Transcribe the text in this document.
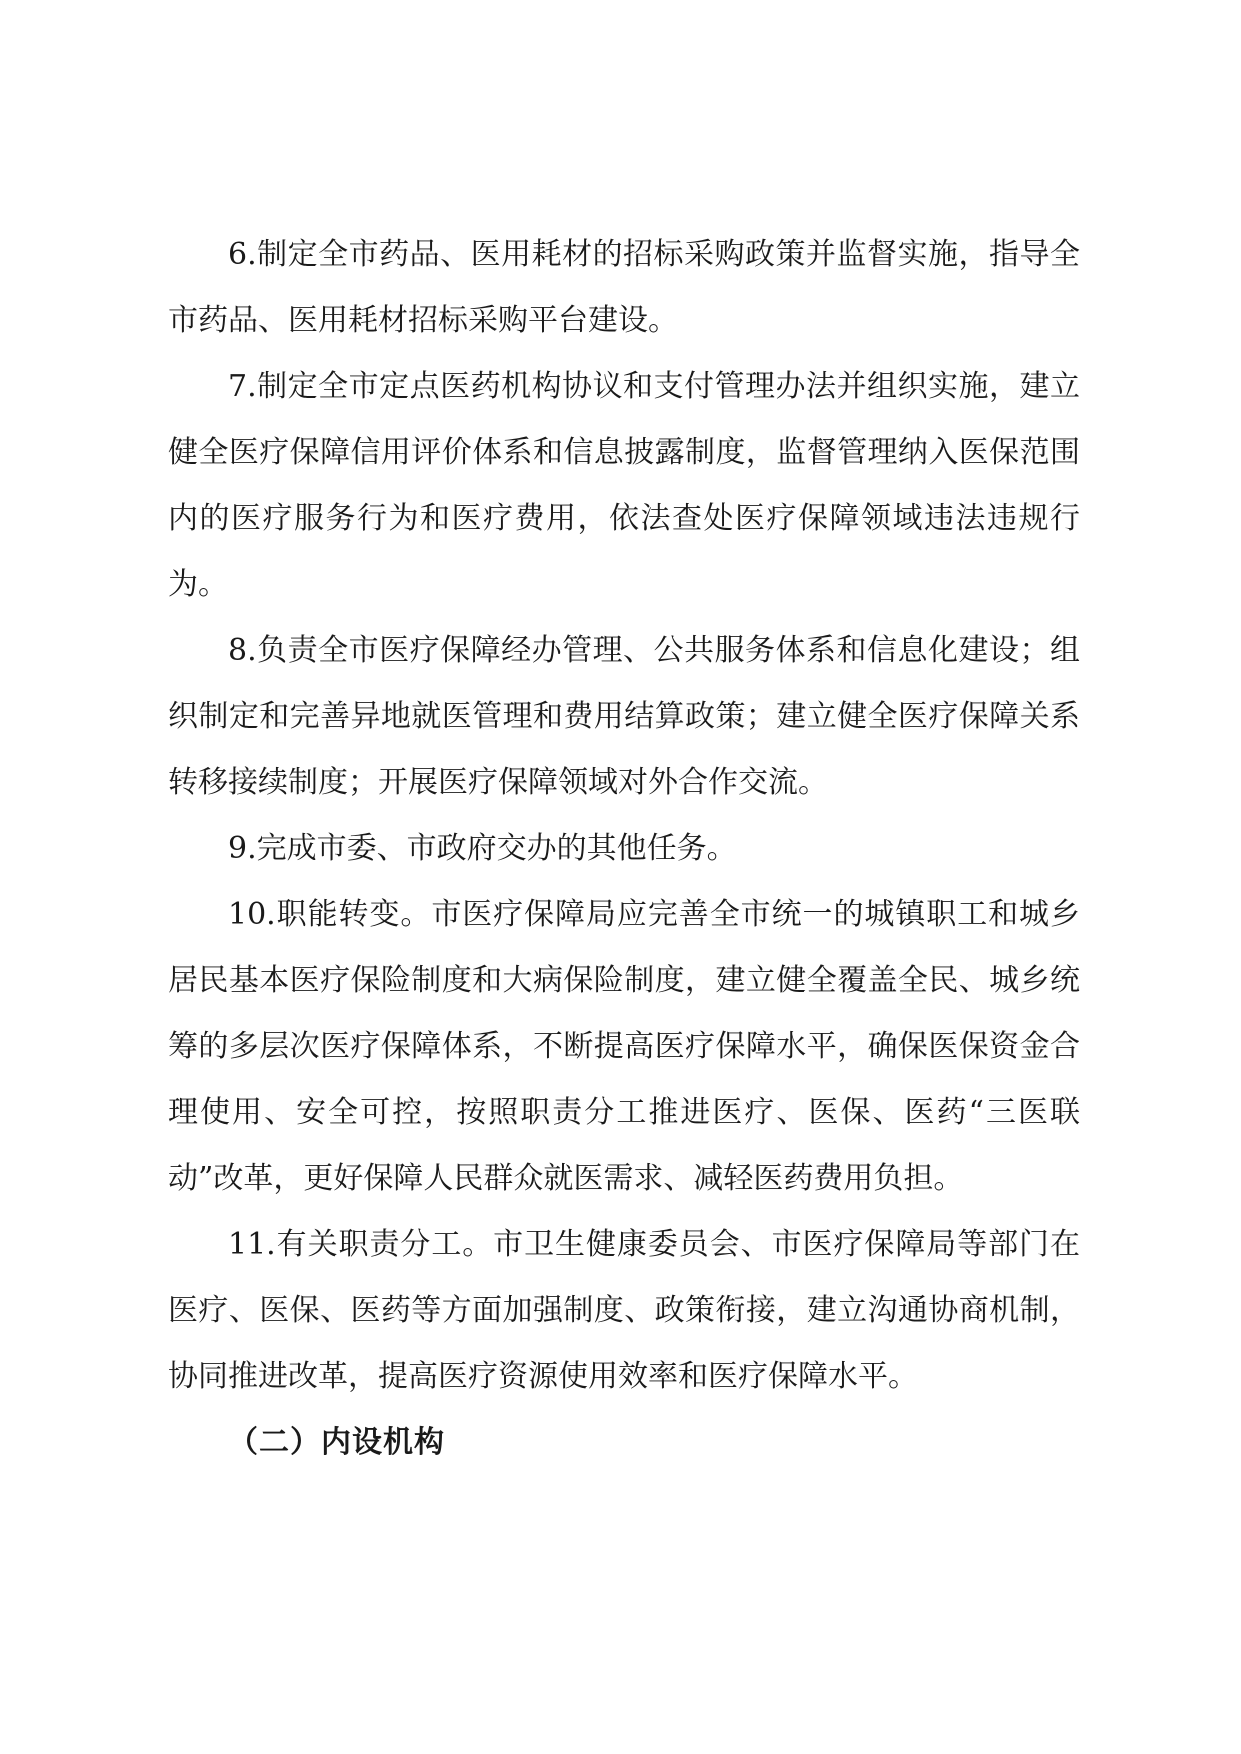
6.制定全市药品、医用耗材的招标采购政策并监督实施，指导全市药品、医用耗材招标采购平台建设。

7.制定全市定点医药机构协议和支付管理办法并组织实施，建立健全医疗保障信用评价体系和信息披露制度，监督管理纳入医保范围内的医疗服务行为和医疗费用，依法查处医疗保障领域违法违规行为。

8.负责全市医疗保障经办管理、公共服务体系和信息化建设；组织制定和完善异地就医管理和费用结算政策；建立健全医疗保障关系转移接续制度；开展医疗保障领域对外合作交流。

9.完成市委、市政府交办的其他任务。

10.职能转变。市医疗保障局应完善全市统一的城镇职工和城乡居民基本医疗保险制度和大病保险制度，建立健全覆盖全民、城乡统筹的多层次医疗保障体系，不断提高医疗保障水平，确保医保资金合理使用、安全可控，按照职责分工推进医疗、医保、医药“三医联动”改革，更好保障人民群众就医需求、减轻医药费用负担。

11.有关职责分工。市卫生健康委员会、市医疗保障局等部门在医疗、医保、医药等方面加强制度、政策衔接，建立沟通协商机制，协同推进改革，提高医疗资源使用效率和医疗保障水平。

（二）内设机构
